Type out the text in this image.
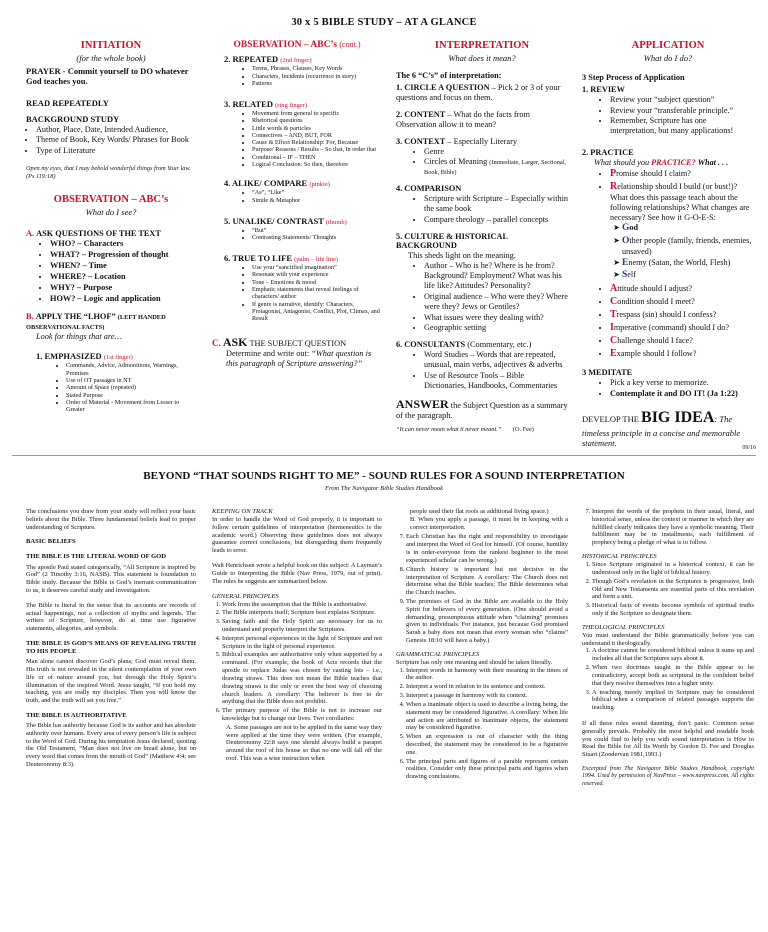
30 x 5 BIBLE STUDY – AT A GLANCE
INITIATION
(for the whole book)
PRAYER - Commit yourself to DO whatever God teaches you.
READ REPEATEDLY
BACKGROUND STUDY
• Author, Place, Date, Intended Audience,
• Theme of Book, Key Words/ Phrases for Book
• Type of Literature
Open my eyes, that I may behold wonderful things from Your law. (Ps 119:18)
OBSERVATION – ABC’s
What do I see?
A. ASK QUESTIONS OF THE TEXT
• WHO? – Characters
• WHAT? – Progression of thought
• WHEN? – Time
• WHERE? – Location
• WHY? – Purpose
• HOW? – Logic and application
B. APPLY THE “LHOF” (LEFT HANDED OBSERVATIONAL FACTS)
Look for things that are…
1. EMPHASIZED (1st finger)
• Commands, Advice, Admonitions, Warnings, Promises
• Use of OT passages in NT
• Amount of Space (repeated)
• Stated Purpose
• Order of Material - Movement from Lesser to Greater
OBSERVATION – ABC’s (cont.)
2. REPEATED (2nd finger)
• Terms, Phrases, Clauses, Key Words
• Characters, Incidents (recurrence in story)
• Patterns
3. RELATED (ring finger)
• Movement from general to specific
• Rhetorical questions
• Little words & particles
• Connectives – AND, BUT, FOR
• Cause & Effect Relationship: For, Because
• Purpose/ Reasons / Results – So that, In order that
• Conditional – IF – THEN
• Logical Conclusion: So then, therefore
4. ALIKE/ COMPARE (pinkie)
• “As”, “Like”
• Simile & Metaphor
5. UNALIKE/ CONTRAST (thumb)
• “But”
• Contrasting Statements/ Thoughts
6. TRUE TO LIFE (palm – life line)
• Use your “sanctified imagination”
• Resonate with your experience
• Tone – Emotions & mood
• Emphatic statements that reveal feelings of characters/ author
• If genre is narrative, identify: Characters, Protagonist, Antagonist, Conflict, Plot, Climax, and Result
C. ASK THE SUBJECT QUESTION
Determine and write out: “What question is this paragraph of Scripture answering?”
INTERPRETATION
What does it mean?
The 6 “C’s” of interpretation:
1. CIRCLE A QUESTION – Pick 2 or 3 of your questions and focus on them.
2. CONTENT – What do the facts from Observation allow it to mean?
3. CONTEXT – Especially Literary
• Genre
• Circles of Meaning (Immediate, Larger, Sectional, Book, Bible)
4. COMPARISON
• Scripture with Scripture – Especially within the same book
• Compare theology – parallel concepts
5. CULTURE & HISTORICAL BACKGROUND
This sheds light on the meaning.
• Author – Who is he? Where is he from? Background? Employment? What was his life like? Attitudes? Personality?
• Original audience – Who were they? Where were they? Jews or Gentiles?
• What issues were they dealing with?
• Geographic setting
6. CONSULTANTS (Commentary, etc.)
• Word Studies – Words that are repeated, unusual, main verbs, adjectives & adverbs
• Use of Resource Tools – Bible Dictionaries, Handbooks, Commentaries
ANSWER the Subject Question as a summary of the paragraph.
“It can never mean what it never meant.” (O. Fee)
APPLICATION
What do I do?
3 Step Process of Application
1. REVIEW
• Review your “subject question”
• Review your “transferable principle.”
• Remember, Scripture has one interpretation, but many applications!
2. PRACTICE
What should you PRACTICE? What . . .
• Promise should I claim?
• Relationship should I build (or bust!)? What does this passage teach about the following relationships? What changes are necessary? See how it G-O-E-S:
• God
• Other people (family, friends, enemies, unsaved)
• Enemy (Satan, the World, Flesh)
• Self
• Attitude should I adjust?
• Condition should I meet?
• Trespass (sin) should I confess?
• Imperative (command) should I do?
• Challenge should I face?
• Example should I follow?
3 MEDITATE
• Pick a key verse to memorize.
• Contemplate it and DO IT! (Ja 1:22)
DEVELOP THE BIG IDEA: The timeless principle in a concise and memorable statement.
09/16
BEYOND “THAT SOUNDS RIGHT TO ME” - SOUND RULES FOR A SOUND INTERPRETATION
From The Navigator Bible Studies Handbook

The conclusions you draw from your study will reflect your basic beliefs about the Bible. Three fundamental beliefs lead to proper understanding of Scripture.

BASIC BELIEFS

THE BIBLE IS THE LITERAL WORD OF GOD

The apostle Paul stated categorically, “All Scripture is inspired by God” (2 Timothy 3:16, NASB). This statement is foundation to Bible study. Because the Bible is God’s inerrant communication to us, it deserves careful study and investigation.

The Bible is literal in the sense that its accounts are records of actual happenings, not a collection of myths and legends. The writers of Scripture, however, do at time use figurative statements, allegories, and symbols.

THE BIBLE IS GOD’S MEANS OF REVEALING TRUTH TO HIS PEOPLE

Man alone cannot discover God’s plans; God must reveal them. His truth is not revealed in the silent contemplation of your own life or of nature around you, but through the Holy Spirit’s illumination of the inspired Word. Jesus taught, “If you hold my teaching, you are really my disciples. Then you will know the truth, and the truth will set you free.”

THE BIBLE IS AUTHORITATIVE

The Bible has authority because God is its author and has absolute authority over humans. Every area of every person’s life is subject to the Word of God. During his temptation Jesus declared, quoting the Old Testament, “Man does not live on bread alone, but on every word that comes from the mouth of God” (Matthew 4:4; see Deuteronomy 8:3).

KEEPING ON TRACK

In order to handle the Word of God properly, it is important to follow certain guidelines of interpretation (hermeneutics is the academic word.) Observing these guidelines does not always guarantee correct conclusions, but disregarding them frequently leads to error.

Walt Henrichsen wrote a helpful book on this subject: A Layman’s Guide to Interpreting the Bible (Nav Press, 1979, out of print). The rules he suggests are summarized below.

GENERAL PRINCIPLES
1. Work from the assumption that the Bible is authoritative.
2. The Bible interprets itself; Scripture best explains Scripture.
3. Saving faith and the Holy Spirit are necessary for us to understand and properly interpret the Scriptures.
4. Interpret personal experiences in the light of Scripture and not Scripture in the light of personal experience.
5. Biblical examples are authoritative only when supported by a command. (For example, the book of Acts records that the apostle to replace Judas was chosen by casting lots – i.e., drawing straws. This does not mean the Bible teaches that drawing straws is the only or even the best way of choosing church leaders. A corollary: The believer is free to do anything that the Bible does not prohibit.
6. The primary purpose of the Bible is not to increase our knowledge but to change our lives. Two corollaries:
A. Some passages are not to be applied in the same way they were applied at the time they were written. (For example, Deuteronomy 22:8 says one should always build a parapet around the roof of his house so that no one will fall off the roof. This was a wise instruction when
people used their flat roofs as additional living space.)
B. When you apply a passage, it must be in keeping with a correct interpretation.
7. Each Christian has the right and responsibility to investigate and interpret the Word of God for himself. (Of course, humility is in order-everyone from the rankest beginner to the most experienced scholar can be wrong.)
8. Church history is important but not decisive in the interpretation of Scripture. A corollary: The Church does not determine what the Bible teaches; The Bible determines what the Church teaches.
9. The promises of God in the Bible are available to the Holy Spirit for believers of every generation. (One should avoid a demanding, presumptuous attitude when “claiming” promises given to individuals. For instance, just because God promised Sarah a baby does not mean that every woman who “claims” Genesis 18:10 will have a baby.)
GRAMMATICAL PRINCIPLES
Scripture has only one meaning and should be taken literally.
1. Interpret words in harmony with their meaning in the times of the author.
2. Interpret a word in relation to its sentence and context.
3. Interpret a passage in harmony with its context.
4. When a inanimate object is used to describe a living being, the statement may be considered figurative. A corollary: When life and action are attributed to inanimate objects, the statement may be considered figurative.
5. When an expression is out of character with the thing described, the statement may be considered to be a figurative one.
6. The principal parts and figures of a parable represent certain realities. Consider only these principal parts and figures when drawing conclusions.
7. Interpret the words of the prophets in their usual, literal, and historical sense, unless the context or manner in which they are fulfilled clearly indicates they have a symbolic meaning. Their fulfillment may be in installments, each fulfillment of prophecy being a pledge of what is to follow.
HISTORICAL PRINCIPLES
1. Since Scripture originated in a historical context, it can be understood only in the light of biblical history.
2. Though God’s revelation in the Scriptures is progressive, both Old and New Testaments are essential parts of this revelation and form a unit.
3. Historical facts of events become symbols of spiritual truths only if the Scripture so designate them.
THEOLOGICAL PRINCIPLES
You must understand the Bible grammatically before you can understand it theologically.
1. A doctrine cannot be considered biblical unless it sums up and includes all that the Scriptures says about it.
2. When two doctrines taught in the Bible appear to be contradictory, accept both as scriptural in the confident belief that they resolve themselves into a higher unity.
3. A teaching merely implied in Scripture may be considered biblical when a comparison of related passages supports the teaching.

If all these rules sound daunting, don’t panic. Common sense generally prevails. Probably the most helpful and readable book you could find to help you with sound interpretation is How to Read the Bible for All Its Worth by Gordon D. Fee and Douglas Stuart (Zondervan 1981,1993.)

Excerpted from The Navigator Bible Studies Handbook, copyright 1994. Used by permission of NavPress – www.navpress.com. All rights reserved.
